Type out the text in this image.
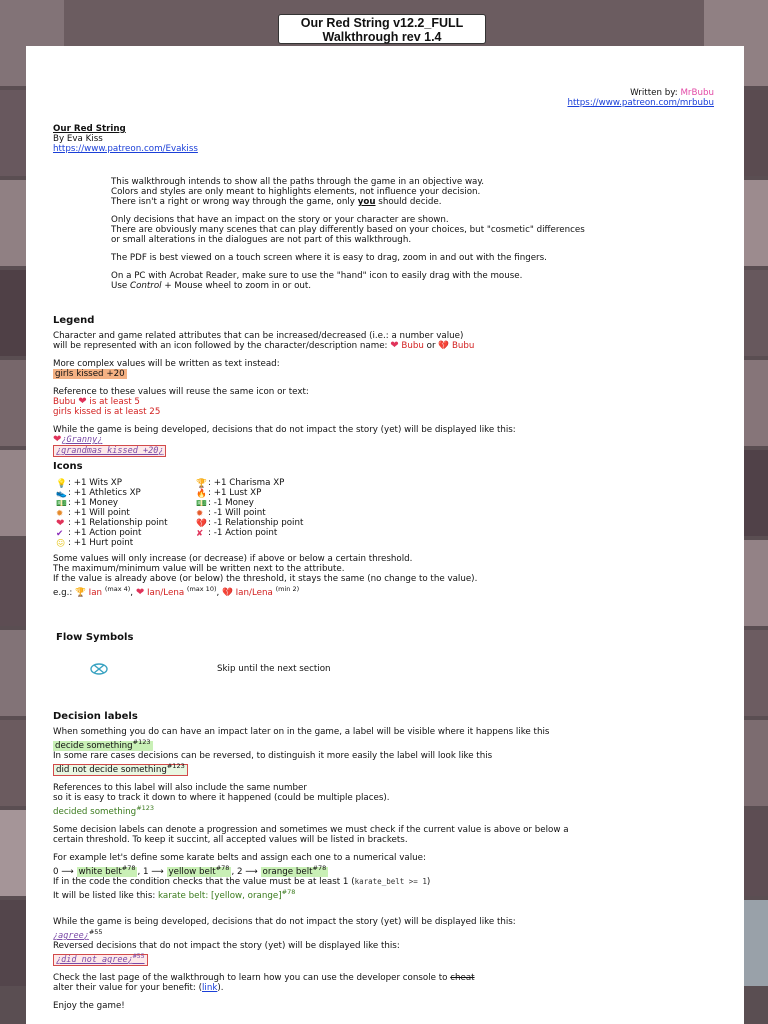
Our Red String v12.2_FULL
Walkthrough rev 1.4
Written by: MrBubu
https://www.patreon.com/mrbubu
Our Red String
By Eva Kiss
https://www.patreon.com/Evakiss
This walkthrough intends to show all the paths through the game in an objective way.
Colors and styles are only meant to highlights elements, not influence your decision.
There isn't a right or wrong way through the game, only you should decide.
Only decisions that have an impact on the story or your character are shown.
There are obviously many scenes that can play differently based on your choices, but "cosmetic" differences
or small alterations in the dialogues are not part of this walkthrough.
The PDF is best viewed on a touch screen where it is easy to drag, zoom in and out with the fingers.
On a PC with Acrobat Reader, make sure to use the "hand" icon to easily drag with the mouse.
Use Control + Mouse wheel to zoom in or out.
Legend
Character and game related attributes that can be increased/decreased (i.e.: a number value)
will be represented with an icon followed by the character/description name: ❤ Bubu or 💔 Bubu
More complex values will be written as text instead:
girls kissed +20
Reference to these values will reuse the same icon or text:
Bubu ❤ is at least 5
girls kissed is at least 25
While the game is being developed, decisions that do not impact the story (yet) will be displayed like this:
❤¿Granny¿
¿grandmas kissed +20¿
Icons
💡: +1 Wits XP
👟: +1 Athletics XP
💵: +1 Money
✹ : +1 Will point
❤ : +1 Relationship point
✔ : +1 Action point
😖 : +1 Hurt point
🏆: +1 Charisma XP
🔥: +1 Lust XP
💵: -1 Money
✹ : -1 Will point
💔: -1 Relationship point
✘ : -1 Action point
Some values will only increase (or decrease) if above or below a certain threshold.
The maximum/minimum value will be written next to the attribute.
If the value is already above (or below) the threshold, it stays the same (no change to the value).
e.g.: 🏆 Ian $^{(max 4)}$, ❤ Ian/Lena $^{(max 10)}$, 💔 Ian/Lena $^{(min 2)}$
Flow Symbols
Skip until the next section
Decision labels
When something you do can have an impact later on in the game, a label will be visible where it happens like this
decide something$^{\#123}$
In some rare cases decisions can be reversed, to distinguish it more easily the label will look like this
did not decide something$^{\#123}$
References to this label will also include the same number
so it is easy to track it down to where it happened (could be multiple places).
decided something$^{\#123}$
Some decision labels can denote a progression and sometimes we must check if the current value is above or below a
certain threshold. To keep it succint, all accepted values will be listed in brackets.
For example let's define some karate belts and assign each one to a numerical value:
0 ⟶ white belt$^{\#78}$ , 1 ⟶ yellow belt$^{\#78}$ , 2 ⟶ orange belt$^{\#78}$
If in the code the condition checks that the value must be at least 1 (karate_belt >= 1)
It will be listed like this: karate belt: [yellow, orange]$^{\#78}$
While the game is being developed, decisions that do not impact the story (yet) will be displayed like this:
¿agree¿$^{\#55}$
Reversed decisions that do not impact the story (yet) will be displayed like this:
¿did not agree¿$^{\#55}$
Check the last page of the walkthrough to learn how you can use the developer console to cheat
alter their value for your benefit: (link).
Enjoy the game!
